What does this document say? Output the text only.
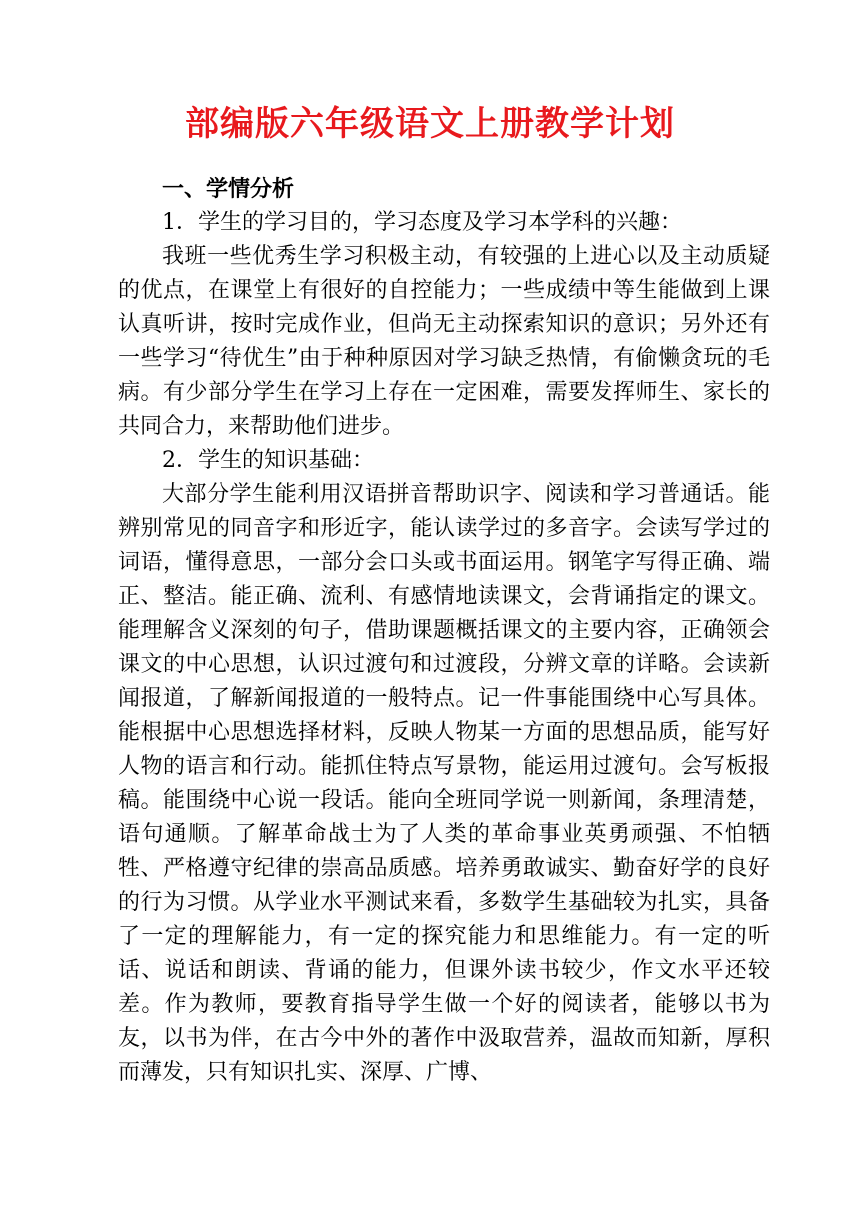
部编版六年级语文上册教学计划

一、学情分析

1．学生的学习目的，学习态度及学习本学科的兴趣：

我班一些优秀生学习积极主动，有较强的上进心以及主动质疑的优点，在课堂上有很好的自控能力；一些成绩中等生能做到上课认真听讲，按时完成作业，但尚无主动探索知识的意识；另外还有一些学习“待优生”由于种种原因对学习缺乏热情，有偷懒贪玩的毛病。有少部分学生在学习上存在一定困难，需要发挥师生、家长的共同合力，来帮助他们进步。

2．学生的知识基础：

大部分学生能利用汉语拼音帮助识字、阅读和学习普通话。能辨别常见的同音字和形近字，能认读学过的多音字。会读写学过的词语，懂得意思，一部分会口头或书面运用。钢笔字写得正确、端正、整洁。能正确、流利、有感情地读课文，会背诵指定的课文。能理解含义深刻的句子，借助课题概括课文的主要内容，正确领会课文的中心思想，认识过渡句和过渡段，分辨文章的详略。会读新闻报道，了解新闻报道的一般特点。记一件事能围绕中心写具体。能根据中心思想选择材料，反映人物某一方面的思想品质，能写好人物的语言和行动。能抓住特点写景物，能运用过渡句。会写板报稿。能围绕中心说一段话。能向全班同学说一则新闻，条理清楚，语句通顺。了解革命战士为了人类的革命事业英勇顽强、不怕牺牲、严格遵守纪律的崇高品质感。培养勇敢诚实、勤奋好学的良好的行为习惯。从学业水平测试来看，多数学生基础较为扎实，具备了一定的理解能力，有一定的探究能力和思维能力。有一定的听话、说话和朗读、背诵的能力，但课外读书较少，作文水平还较差。作为教师，要教育指导学生做一个好的阅读者，能够以书为友，以书为伴，在古今中外的著作中汲取营养，温故而知新，厚积而薄发，只有知识扎实、深厚、广博、
